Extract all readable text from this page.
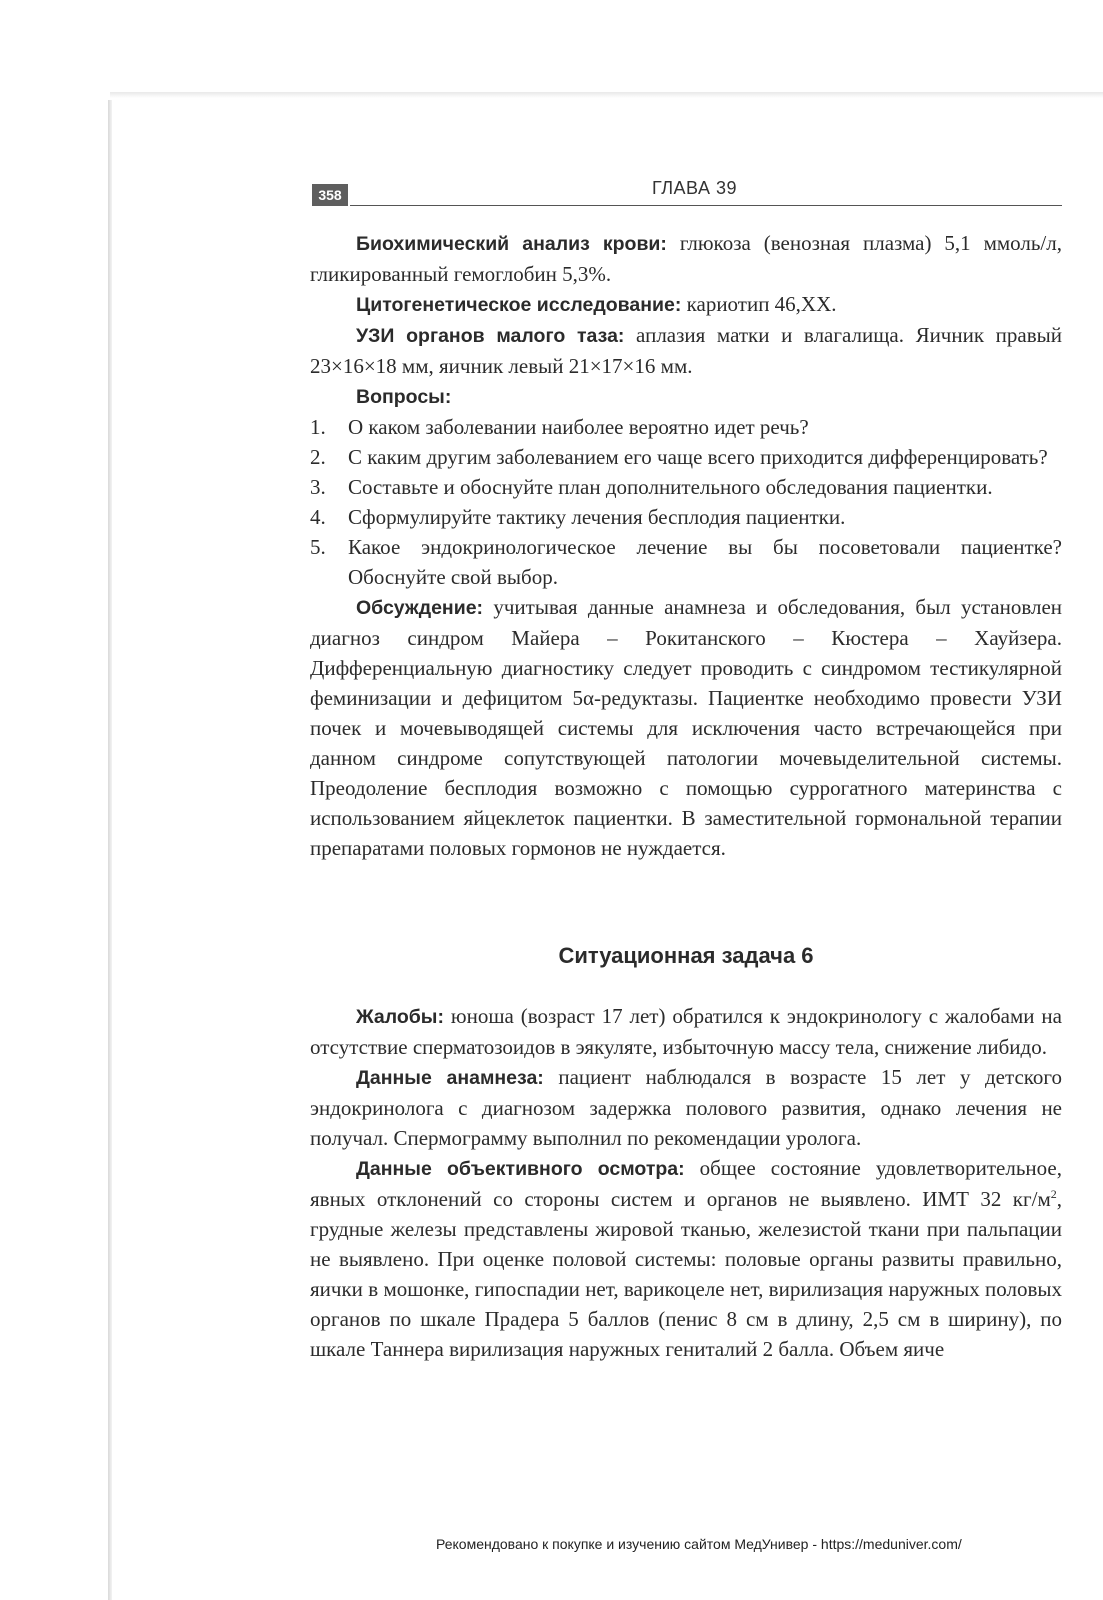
358	ГЛАВА 39

Биохимический анализ крови: глюкоза (венозная плазма) 5,1 ммоль/л, гликированный гемоглобин 5,3%.

Цитогенетическое исследование: кариотип 46,XX.

УЗИ органов малого таза: аплазия матки и влагалища. Яичник правый 23×16×18 мм, яичник левый 21×17×16 мм.

Вопросы:

1. О каком заболевании наиболее вероятно идет речь?
2. С каким другим заболеванием его чаще всего приходится дифференцировать?
3. Составьте и обоснуйте план дополнительного обследования пациентки.
4. Сформулируйте тактику лечения бесплодия пациентки.
5. Какое эндокринологическое лечение вы бы посоветовали пациентке? Обоснуйте свой выбор.

Обсуждение: учитывая данные анамнеза и обследования, был установлен диагноз синдром Майера – Рокитанского – Кюстера – Хауйзера. Дифференциальную диагностику следует проводить с синдромом тестикулярной феминизации и дефицитом 5α-редуктазы. Пациентке необходимо провести УЗИ почек и мочевыводящей системы для исключения часто встречающейся при данном синдроме сопутствующей патологии мочевыделительной системы. Преодоление бесплодия возможно с помощью суррогатного материнства с использованием яйцеклеток пациентки. В заместительной гормональной терапии препаратами половых гормонов не нуждается.

Ситуационная задача 6

Жалобы: юноша (возраст 17 лет) обратился к эндокринологу с жалобами на отсутствие сперматозоидов в эякуляте, избыточную массу тела, снижение либидо.

Данные анамнеза: пациент наблюдался в возрасте 15 лет у детского эндокринолога с диагнозом задержка полового развития, однако лечения не получал. Спермограмму выполнил по рекомендации уролога.

Данные объективного осмотра: общее состояние удовлетворительное, явных отклонений со стороны систем и органов не выявлено. ИМТ 32 $кг/м^2$, грудные железы представлены жировой тканью, железистой ткани при пальпации не выявлено. При оценке половой системы: половые органы развиты правильно, яички в мошонке, гипоспадии нет, варикоцеле нет, вирилизация наружных половых органов по шкале Прадера 5 баллов (пенис 8 см в длину, 2,5 см в ширину), по шкале Таннера вирилизация наружных гениталий 2 балла. Объем яиче

Рекомендовано к покупке и изучению сайтом МедУнивер - https://meduniver.com/
